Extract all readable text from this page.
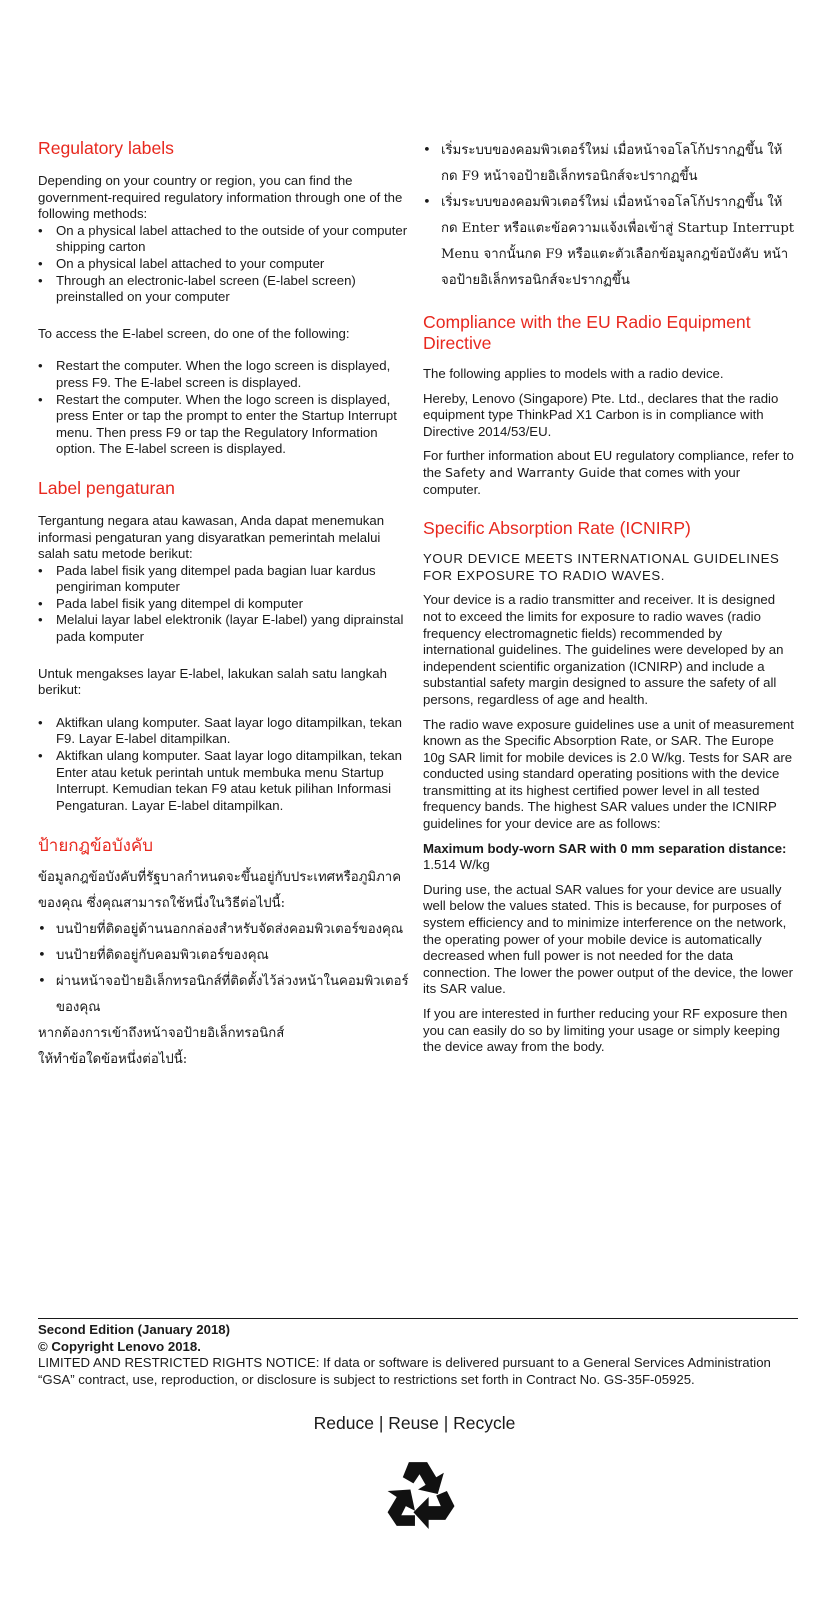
Regulatory labels

Depending on your country or region, you can find the government-required regulatory information through one of the following methods:

• On a physical label attached to the outside of your computer shipping carton
• On a physical label attached to your computer
• Through an electronic-label screen (E-label screen) preinstalled on your computer

To access the E-label screen, do one of the following:

• Restart the computer. When the logo screen is displayed, press F9. The E-label screen is displayed.
• Restart the computer. When the logo screen is displayed, press Enter or tap the prompt to enter the Startup Interrupt menu. Then press F9 or tap the Regulatory Information option. The E-label screen is displayed.
Label pengaturan

Tergantung negara atau kawasan, Anda dapat menemukan informasi pengaturan yang disyaratkan pemerintah melalui salah satu metode berikut:

• Pada label fisik yang ditempel pada bagian luar kardus pengiriman komputer
• Pada label fisik yang ditempel di komputer
• Melalui layar label elektronik (layar E-label) yang diprainstal pada komputer

Untuk mengakses layar E-label, lakukan salah satu langkah berikut:

• Aktifkan ulang komputer. Saat layar logo ditampilkan, tekan F9. Layar E-label ditampilkan.
• Aktifkan ulang komputer. Saat layar logo ditampilkan, tekan Enter atau ketuk perintah untuk membuka menu Startup Interrupt. Kemudian tekan F9 atau ketuk pilihan Informasi Pengaturan. Layar E-label ditampilkan.
ป้ายกฎข้อบังคับ

ข้อมูลกฎข้อบังคับที่รัฐบาลกำหนดจะขึ้นอยู่กับประเทศหรือภูมิภาคของคุณ ซึ่งคุณสามารถใช้หนึ่งในวิธีต่อไปนี้:

• บนป้ายที่ติดอยู่ด้านนอกกล่องสำหรับจัดส่งคอมพิวเตอร์ของคุณ
• บนป้ายที่ติดอยู่กับคอมพิวเตอร์ของคุณ
• ผ่านหน้าจอป้ายอิเล็กทรอนิกส์ที่ติดตั้งไว้ล่วงหน้าในคอมพิวเตอร์ของคุณ

หากต้องการเข้าถึงหน้าจอป้ายอิเล็กทรอนิกส์ ให้ทำข้อใดข้อหนึ่งต่อไปนี้:

• เริ่มระบบของคอมพิวเตอร์ใหม่ เมื่อหน้าจอโลโก้ปรากฏขึ้น ให้กด F9 หน้าจอป้ายอิเล็กทรอนิกส์จะปรากฏขึ้น
• เริ่มระบบของคอมพิวเตอร์ใหม่ เมื่อหน้าจอโลโก้ปรากฏขึ้น ให้กด Enter หรือแตะข้อความแจ้งเพื่อเข้าสู่ Startup Interrupt Menu จากนั้นกด F9 หรือแตะตัวเลือกข้อมูลกฎข้อบังคับ หน้าจอป้ายอิเล็กทรอนิกส์จะปรากฏขึ้น
Compliance with the EU Radio Equipment Directive

The following applies to models with a radio device.

Hereby, Lenovo (Singapore) Pte. Ltd., declares that the radio equipment type ThinkPad X1 Carbon is in compliance with Directive 2014/53/EU.

For further information about EU regulatory compliance, refer to the Safety and Warranty Guide that comes with your computer.

Specific Absorption Rate (ICNIRP)

YOUR DEVICE MEETS INTERNATIONAL GUIDELINES FOR EXPOSURE TO RADIO WAVES.

Your device is a radio transmitter and receiver. It is designed not to exceed the limits for exposure to radio waves (radio frequency electromagnetic fields) recommended by international guidelines. The guidelines were developed by an independent scientific organization (ICNIRP) and include a substantial safety margin designed to assure the safety of all persons, regardless of age and health.

The radio wave exposure guidelines use a unit of measurement known as the Specific Absorption Rate, or SAR. The Europe 10g SAR limit for mobile devices is 2.0 W/kg. Tests for SAR are conducted using standard operating positions with the device transmitting at its highest certified power level in all tested frequency bands. The highest SAR values under the ICNIRP guidelines for your device are as follows:

Maximum body-worn SAR with 0 mm separation distance: 1.514 W/kg

During use, the actual SAR values for your device are usually well below the values stated. This is because, for purposes of system efficiency and to minimize interference on the network, the operating power of your mobile device is automatically decreased when full power is not needed for the data connection. The lower the power output of the device, the lower its SAR value.

If you are interested in further reducing your RF exposure then you can easily do so by limiting your usage or simply keeping the device away from the body.

Second Edition (January 2018)
© Copyright Lenovo 2018.
LIMITED AND RESTRICTED RIGHTS NOTICE: If data or software is delivered pursuant to a General Services Administration “GSA” contract, use, reproduction, or disclosure is subject to restrictions set forth in Contract No. GS-35F-05925.
Reduce | Reuse | Recycle
